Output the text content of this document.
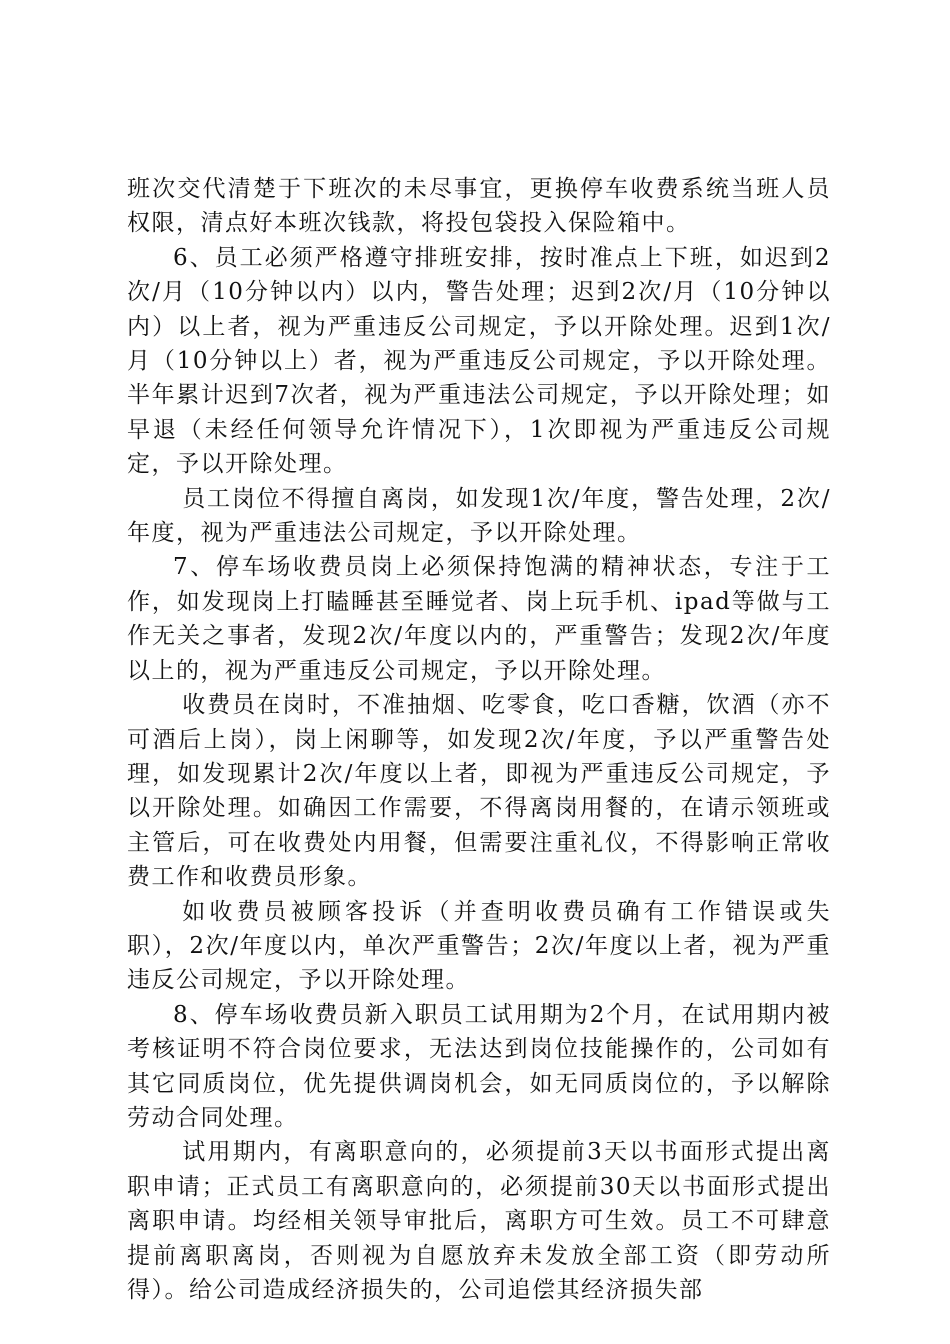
班次交代清楚于下班次的未尽事宜，更换停车收费系统当班人员权限，清点好本班次钱款，将投包袋投入保险箱中。

6、员工必须严格遵守排班安排，按时准点上下班，如迟到2次/月（10分钟以内）以内，警告处理；迟到2次/月（10分钟以内）以上者，视为严重违反公司规定，予以开除处理。迟到1次/月（10分钟以上）者，视为严重违反公司规定，予以开除处理。半年累计迟到7次者，视为严重违法公司规定，予以开除处理；如早退（未经任何领导允许情况下），1次即视为严重违反公司规定，予以开除处理。

员工岗位不得擅自离岗，如发现1次/年度，警告处理，2次/年度，视为严重违法公司规定，予以开除处理。

7、停车场收费员岗上必须保持饱满的精神状态，专注于工作，如发现岗上打瞌睡甚至睡觉者、岗上玩手机、ipad等做与工作无关之事者，发现2次/年度以内的，严重警告；发现2次/年度以上的，视为严重违反公司规定，予以开除处理。

收费员在岗时，不准抽烟、吃零食，吃口香糖，饮酒（亦不可酒后上岗），岗上闲聊等，如发现2次/年度，予以严重警告处理，如发现累计2次/年度以上者，即视为严重违反公司规定，予以开除处理。如确因工作需要，不得离岗用餐的，在请示领班或主管后，可在收费处内用餐，但需要注重礼仪，不得影响正常收费工作和收费员形象。

如收费员被顾客投诉（并查明收费员确有工作错误或失职），2次/年度以内，单次严重警告；2次/年度以上者，视为严重违反公司规定，予以开除处理。

8、停车场收费员新入职员工试用期为2个月，在试用期内被考核证明不符合岗位要求，无法达到岗位技能操作的，公司如有其它同质岗位，优先提供调岗机会，如无同质岗位的，予以解除劳动合同处理。

试用期内，有离职意向的，必须提前3天以书面形式提出离职申请；正式员工有离职意向的，必须提前30天以书面形式提出离职申请。均经相关领导审批后，离职方可生效。员工不可肆意提前离职离岗，否则视为自愿放弃未发放全部工资（即劳动所得）。给公司造成经济损失的，公司追偿其经济损失部
